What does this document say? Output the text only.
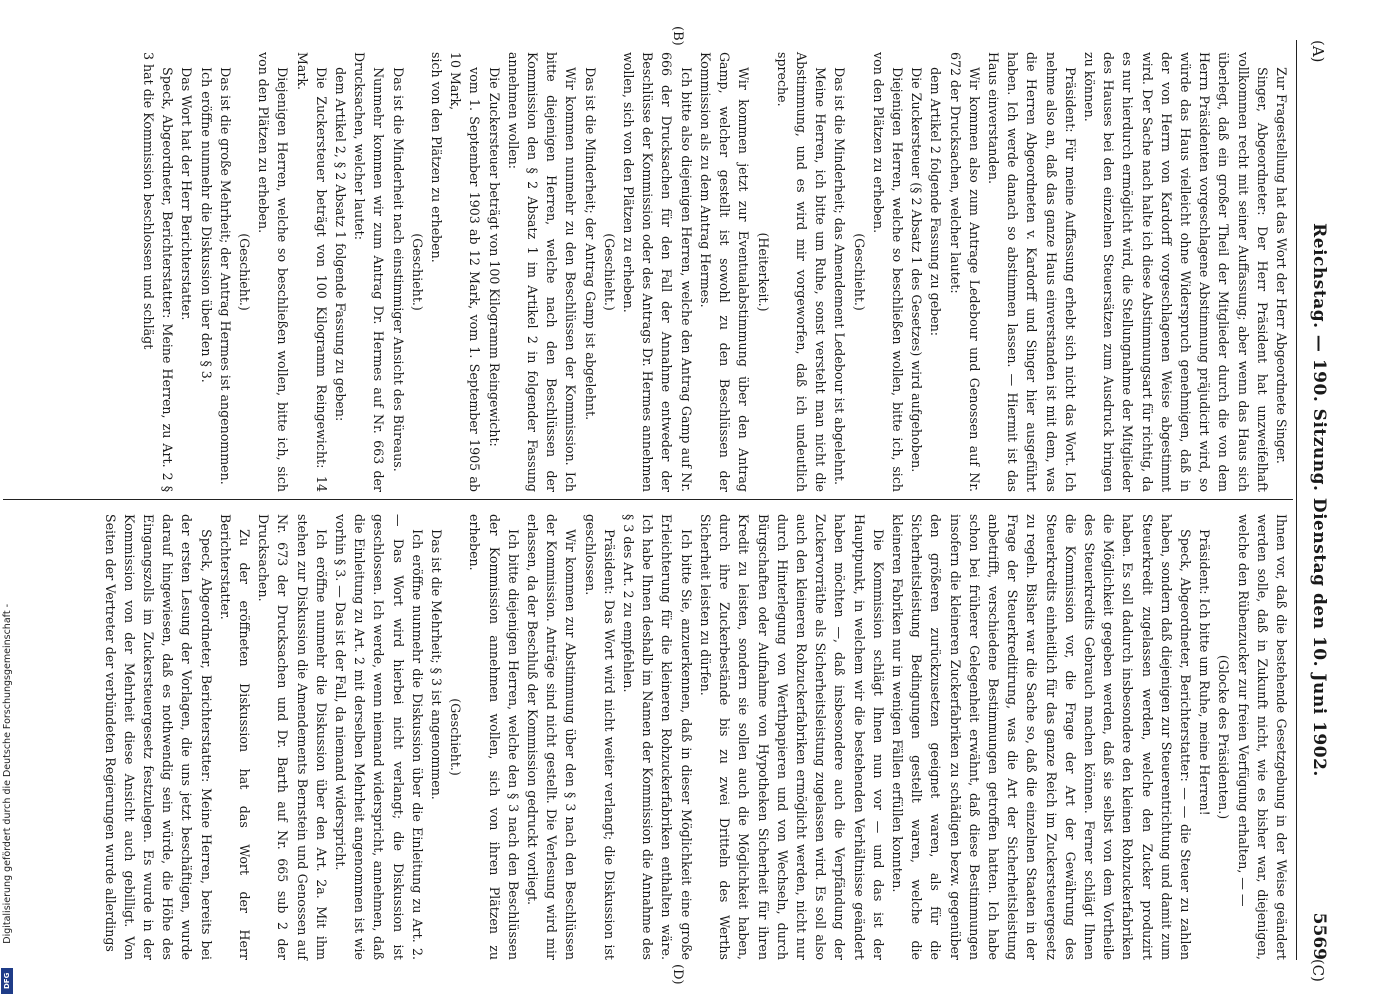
(A)
Reichstag. — 190. Sitzung. Dienstag den 10. Juni 1902.
5569
(C)
(B)
(D)

Zur Fragestellung hat das Wort der Herr Abgeordnete Singer.

Singer, Abgeordneter: Der Herr Präsident hat unzweifelhaft vollkommen recht mit seiner Auffassung; aber wenn das Haus sich überlegt, daß ein großer Theil der Mitglieder durch die von dem Herrn Präsidenten vorgeschlagene Abstimmung präjudicirt wird, so würde das Haus vielleicht ohne Widerspruch genehmigen, daß in der von Herrn von Kardorff vorgeschlagenen Weise abgestimmt wird. Der Sache nach halte ich diese Abstimmungsart für richtig, da es nur hierdurch ermöglicht wird, die Stellungnahme der Mitglieder des Hauses bei den einzelnen Steuersätzen zum Ausdruck bringen zu können.

Präsident: Für meine Auffassung erhebt sich nicht das Wort. Ich nehme also an, daß das ganze Haus einverstanden ist mit dem, was die Herren Abgeordneten v. Kardorff und Singer hier ausgeführt haben. Ich werde danach so abstimmen lassen. — Hiermit ist das Haus einverstanden.

Wir kommen also zum Antrage Ledebour und Genossen auf Nr. 672 der Drucksachen, welcher lautet:

dem Artikel 2 folgende Fassung zu geben:

Die Zuckersteuer (§ 2 Absatz 1 des Gesetzes) wird aufgehoben.

Diejenigen Herren, welche so beschließen wollen, bitte ich, sich von den Plätzen zu erheben.

(Geschieht.)

Das ist die Minderheit; das Amendement Ledebour ist abgelehnt.

Meine Herren, ich bitte um Ruhe, sonst versteht man nicht die Abstimmung, und es wird mir vorgeworfen, daß ich undeutlich spreche.

(Heiterkeit.)

Wir kommen jetzt zur Eventualabstimmung über den Antrag Gamp, welcher gestellt ist sowohl zu den Beschlüssen der Kommission als zu dem Antrag Hermes.

Ich bitte also diejenigen Herren, welche den Antrag Gamp auf Nr. 666 der Drucksachen für den Fall der Annahme entweder der Beschlüsse der Kommission oder des Antrags Dr. Hermes annehmen wollen, sich von den Plätzen zu erheben.

(Geschieht.)

Das ist die Minderheit; der Antrag Gamp ist abgelehnt.

Wir kommen nunmehr zu den Beschlüssen der Kommission. Ich bitte diejenigen Herren, welche nach den Beschlüssen der Kommission den § 2 Absatz 1 im Artikel 2 in folgender Fassung annehmen wollen:

Die Zuckersteuer beträgt von 100 Kilogramm Reingewicht:

vom 1. September 1903 ab 12 Mark, vom 1. September 1905 ab 10 Mark,

sich von den Plätzen zu erheben.

(Geschieht.)

Das ist die Minderheit nach einstimmiger Ansicht des Büreaus.

Nunmehr kommen wir zum Antrag Dr. Hermes auf Nr. 663 der Drucksachen, welcher lautet:

dem Artikel 2, § 2 Absatz 1 folgende Fassung zu geben:

Die Zuckersteuer beträgt von 100 Kilogramm Reingewicht: 14 Mark.

Diejenigen Herren, welche so beschließen wollen, bitte ich, sich von den Plätzen zu erheben.

(Geschieht.)

Das ist die große Mehrheit; der Antrag Hermes ist angenommen.

Ich eröffne nunmehr die Diskussion über den § 3.

Das Wort hat der Herr Berichterstatter.

Speck, Abgeordneter, Berichterstatter: Meine Herren, zu Art. 2 § 3 hat die Kommission beschlossen und schlägt

Ihnen vor, daß die bestehende Gesetzgebung in der Weise geändert werden solle, daß in Zukunft nicht, wie es bisher war, diejenigen, welche den Rübenzucker zur freien Verfügung erhalten, — —

(Glocke des Präsidenten.)

Präsident: Ich bitte um Ruhe, meine Herren!

Speck, Abgeordneter, Berichterstatter: — — die Steuer zu zahlen haben, sondern daß diejenigen zur Steuerentrichtung und damit zum Steuerkredit zugelassen werden, welche den Zucker produzirt haben. Es soll dadurch insbesondere den kleinen Rohzuckerfabriken die Möglichkeit gegeben werden, daß sie selbst von dem Vortheile des Steuerkredits Gebrauch machen können. Ferner schlägt Ihnen die Kommission vor, die Frage der Art der Gewährung des Steuerkredits einheitlich für das ganze Reich im Zuckersteuergesetz zu regeln. Bisher war die Sache so, daß die einzelnen Staaten in der Frage der Steuerkreditirung, was die Art der Sicherheitsleistung anbetrifft, verschiedene Bestimmungen getroffen hatten. Ich habe schon bei früherer Gelegenheit erwähnt, daß diese Bestimmungen insofern die kleineren Zuckerfabriken zu schädigen bezw. gegenüber den größeren zurückzusetzen geeignet waren, als für die Sicherheitsleistung Bedingungen gestellt waren, welche die kleineren Fabriken nur in wenigen Fällen erfüllen konnten.

Die Kommission schlägt Ihnen nun vor — und das ist der Hauptpunkt, in welchem wir die bestehenden Verhältnisse geändert haben möchten —, daß insbesondere auch die Verpfändung der Zuckervorräthe als Sicherheitsleistung zugelassen wird. Es soll also auch den kleineren Rohzuckerfabriken ermöglicht werden, nicht nur durch Hinterlegung von Werthpapieren und von Wechseln, durch Bürgschaften oder Aufnahme von Hypotheken Sicherheit für ihren Kredit zu leisten, sondern sie sollen auch die Möglichkeit haben, durch ihre Zuckerbestände bis zu zwei Dritteln des Werths Sicherheit leisten zu dürfen.

Ich bitte Sie, anzuerkennen, daß in dieser Möglichkeit eine große Erleichterung für die kleineren Rohzuckerfabriken enthalten wäre. Ich habe Ihnen deshalb im Namen der Kommission die Annahme des § 3 des Art. 2 zu empfehlen.

Präsident: Das Wort wird nicht weiter verlangt; die Diskussion ist geschlossen.

Wir kommen zur Abstimmung über den § 3 nach den Beschlüssen der Kommission. Anträge sind nicht gestellt. Die Verlesung wird mir erlassen, da der Beschluß der Kommission gedruckt vorliegt.

Ich bitte diejenigen Herren, welche den § 3 nach den Beschlüssen der Kommission annehmen wollen, sich von ihren Plätzen zu erheben.

(Geschieht.)

Das ist die Mehrheit; § 3 ist angenommen.

Ich eröffne nunmehr die Diskussion über die Einleitung zu Art. 2. — Das Wort wird hierbei nicht verlangt; die Diskussion ist geschlossen. Ich werde, wenn niemand widerspricht, annehmen, daß die Einleitung zu Art. 2 mit derselben Mehrheit angenommen ist wie vorhin § 3. — Das ist der Fall, da niemand widerspricht.

Ich eröffne nunmehr die Diskussion über den Art. 2a. Mit ihm stehen zur Diskussion die Amendements Bernstein und Genossen auf Nr. 673 der Drucksachen und Dr. Barth auf Nr. 665 sub 2 der Drucksachen.

Zu der eröffneten Diskussion hat das Wort der Herr Berichterstatter.

Speck, Abgeordneter, Berichterstatter: Meine Herren, bereits bei der ersten Lesung der Vorlagen, die uns jetzt beschäftigen, wurde darauf hingewiesen, daß es nothwendig sein würde, die Höhe des Eingangszolls im Zuckersteuergesetz festzulegen. Es wurde in der Kommission von der Mehrheit diese Ansicht auch gebilligt. Von Seiten der Vertreter der verbündeten Regierungen wurde allerdings

Digitalisierung gefördert durch die Deutsche Forschungsgemeinschaft -
DFG
